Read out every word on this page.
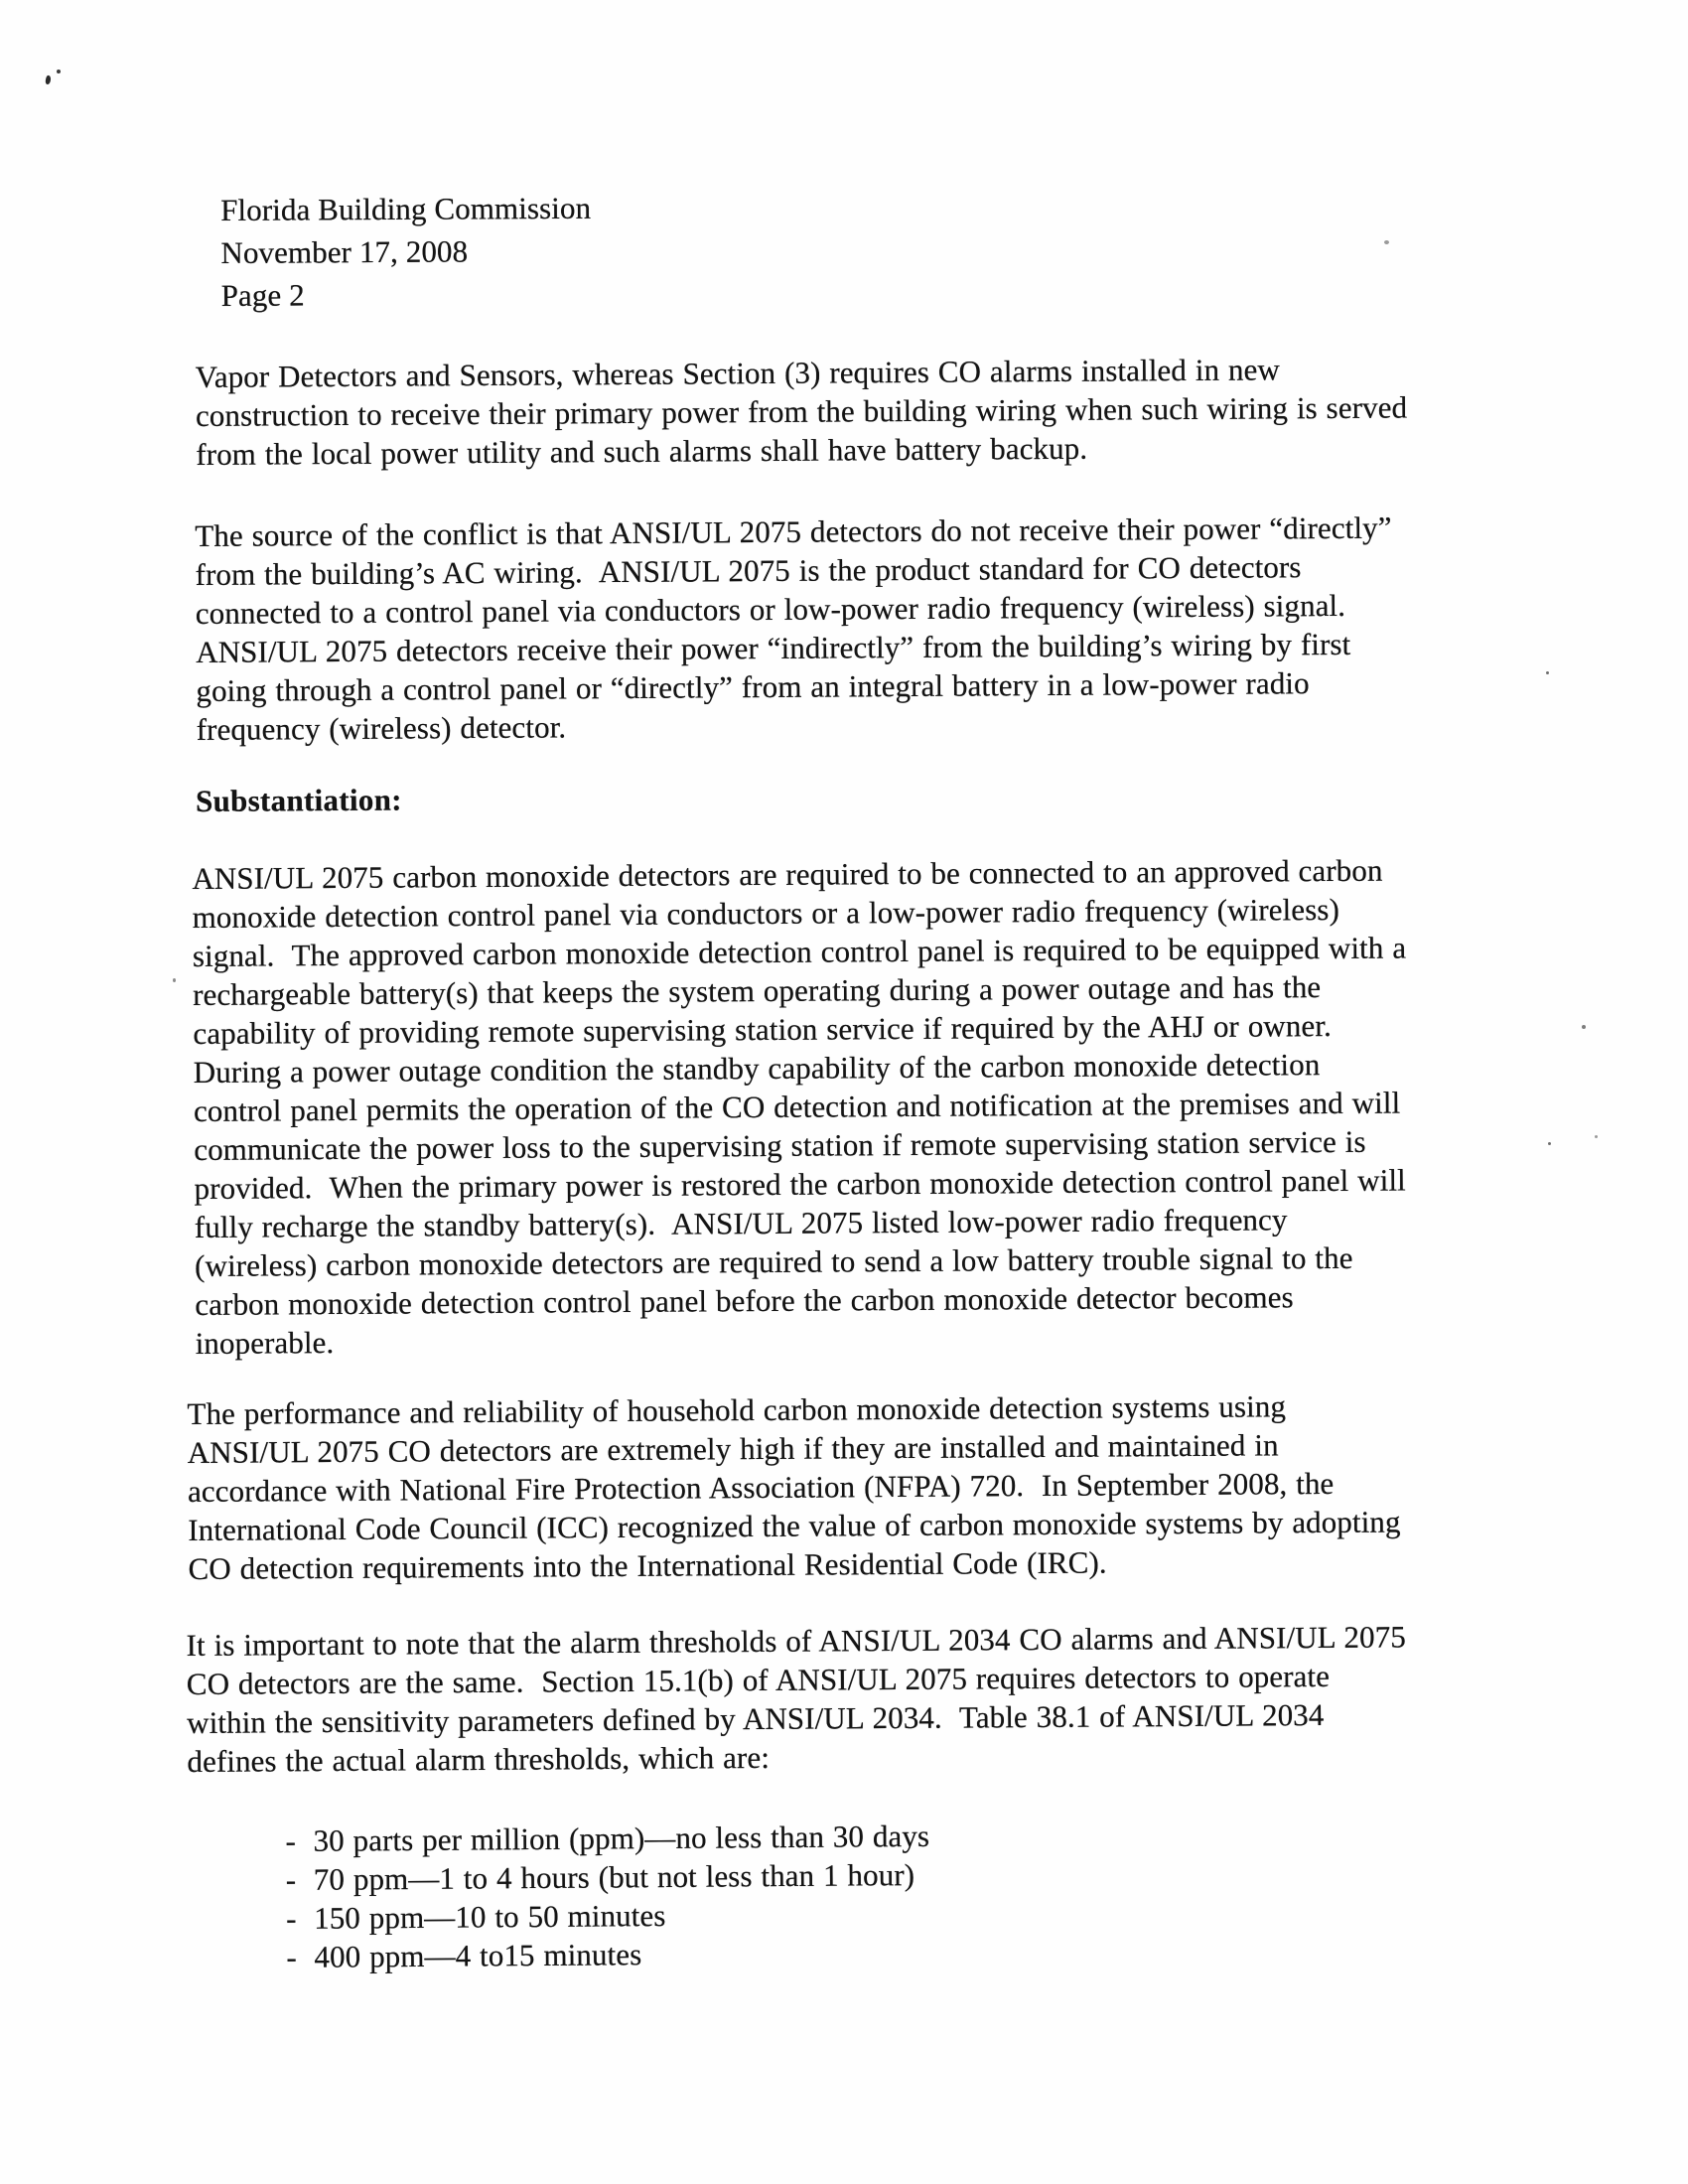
Florida Building Commission
November 17, 2008
Page 2
Vapor Detectors and Sensors, whereas Section (3) requires CO alarms installed in new
construction to receive their primary power from the building wiring when such wiring is served
from the local power utility and such alarms shall have battery backup.
The source of the conflict is that ANSI/UL 2075 detectors do not receive their power “directly”
from the building’s AC wiring.  ANSI/UL 2075 is the product standard for CO detectors
connected to a control panel via conductors or low-power radio frequency (wireless) signal.
ANSI/UL 2075 detectors receive their power “indirectly” from the building’s wiring by first
going through a control panel or “directly” from an integral battery in a low-power radio
frequency (wireless) detector.
Substantiation:
ANSI/UL 2075 carbon monoxide detectors are required to be connected to an approved carbon
monoxide detection control panel via conductors or a low-power radio frequency (wireless)
signal.  The approved carbon monoxide detection control panel is required to be equipped with a
rechargeable battery(s) that keeps the system operating during a power outage and has the
capability of providing remote supervising station service if required by the AHJ or owner.
During a power outage condition the standby capability of the carbon monoxide detection
control panel permits the operation of the CO detection and notification at the premises and will
communicate the power loss to the supervising station if remote supervising station service is
provided.  When the primary power is restored the carbon monoxide detection control panel will
fully recharge the standby battery(s).  ANSI/UL 2075 listed low-power radio frequency
(wireless) carbon monoxide detectors are required to send a low battery trouble signal to the
carbon monoxide detection control panel before the carbon monoxide detector becomes
inoperable.
The performance and reliability of household carbon monoxide detection systems using
ANSI/UL 2075 CO detectors are extremely high if they are installed and maintained in
accordance with National Fire Protection Association (NFPA) 720.  In September 2008, the
International Code Council (ICC) recognized the value of carbon monoxide systems by adopting
CO detection requirements into the International Residential Code (IRC).
It is important to note that the alarm thresholds of ANSI/UL 2034 CO alarms and ANSI/UL 2075
CO detectors are the same.  Section 15.1(b) of ANSI/UL 2075 requires detectors to operate
within the sensitivity parameters defined by ANSI/UL 2034.  Table 38.1 of ANSI/UL 2034
defines the actual alarm thresholds, which are:
- 30 parts per million (ppm)—no less than 30 days
- 70 ppm—1 to 4 hours (but not less than 1 hour)
- 150 ppm—10 to 50 minutes
- 400 ppm—4 to15 minutes
